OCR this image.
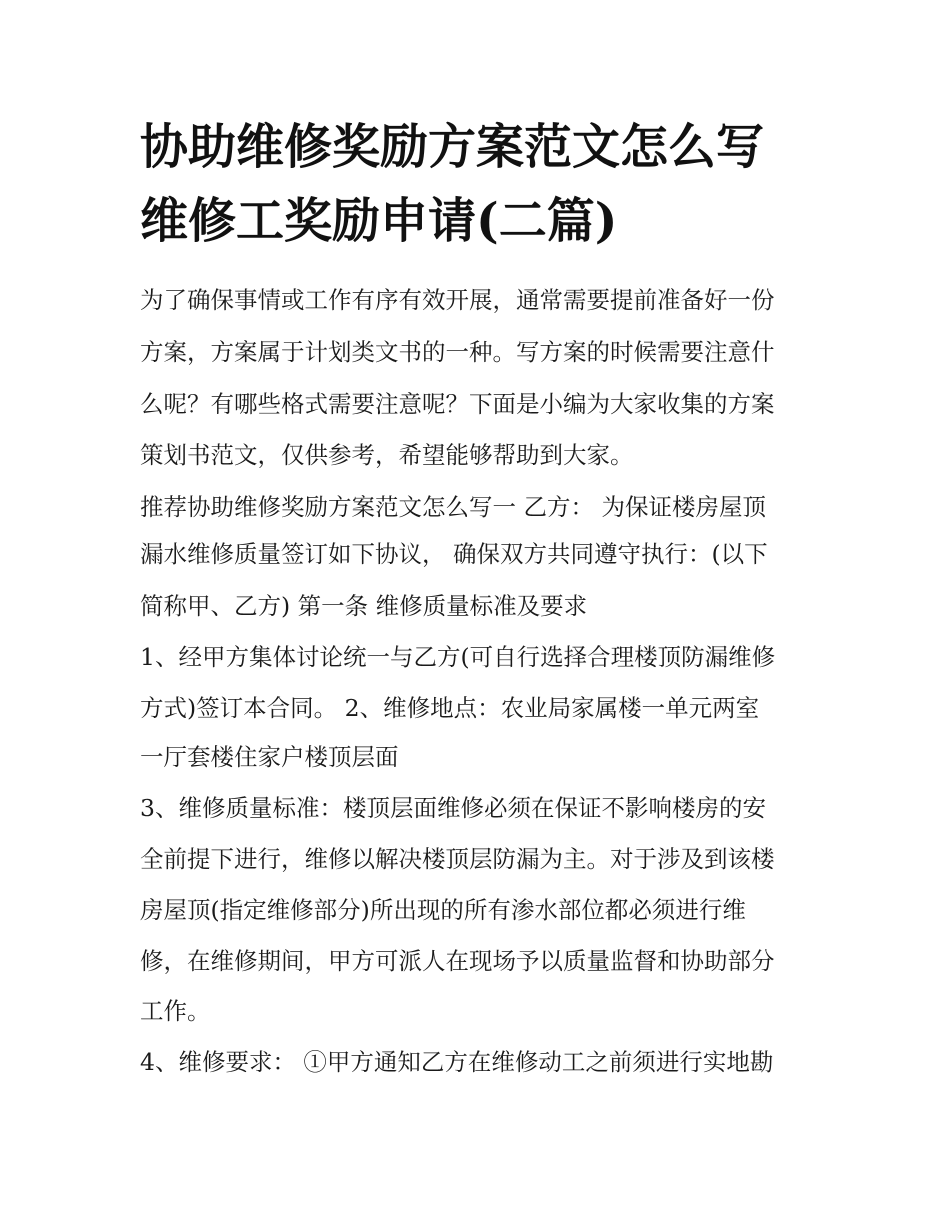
协助维修奖励方案范文怎么写
维修工奖励申请(二篇)

为了确保事情或工作有序有效开展，通常需要提前准备好一份

方案，方案属于计划类文书的一种。写方案的时候需要注意什

么呢？有哪些格式需要注意呢？下面是小编为大家收集的方案

策划书范文，仅供参考，希望能够帮助到大家。

推荐协助维修奖励方案范文怎么写一 乙方： 为保证楼房屋顶

漏水维修质量签订如下协议， 确保双方共同遵守执行：(以下

简称甲、乙方) 第一条 维修质量标准及要求

1、经甲方集体讨论统一与乙方(可自行选择合理楼顶防漏维修

方式)签订本合同。 2、维修地点：农业局家属楼一单元两室

一厅套楼住家户楼顶层面

3、维修质量标准：楼顶层面维修必须在保证不影响楼房的安

全前提下进行，维修以解决楼顶层防漏为主。对于涉及到该楼

房屋顶(指定维修部分)所出现的所有渗水部位都必须进行维

修，在维修期间，甲方可派人在现场予以质量监督和协助部分

工作。

4、维修要求： ①甲方通知乙方在维修动工之前须进行实地勘
